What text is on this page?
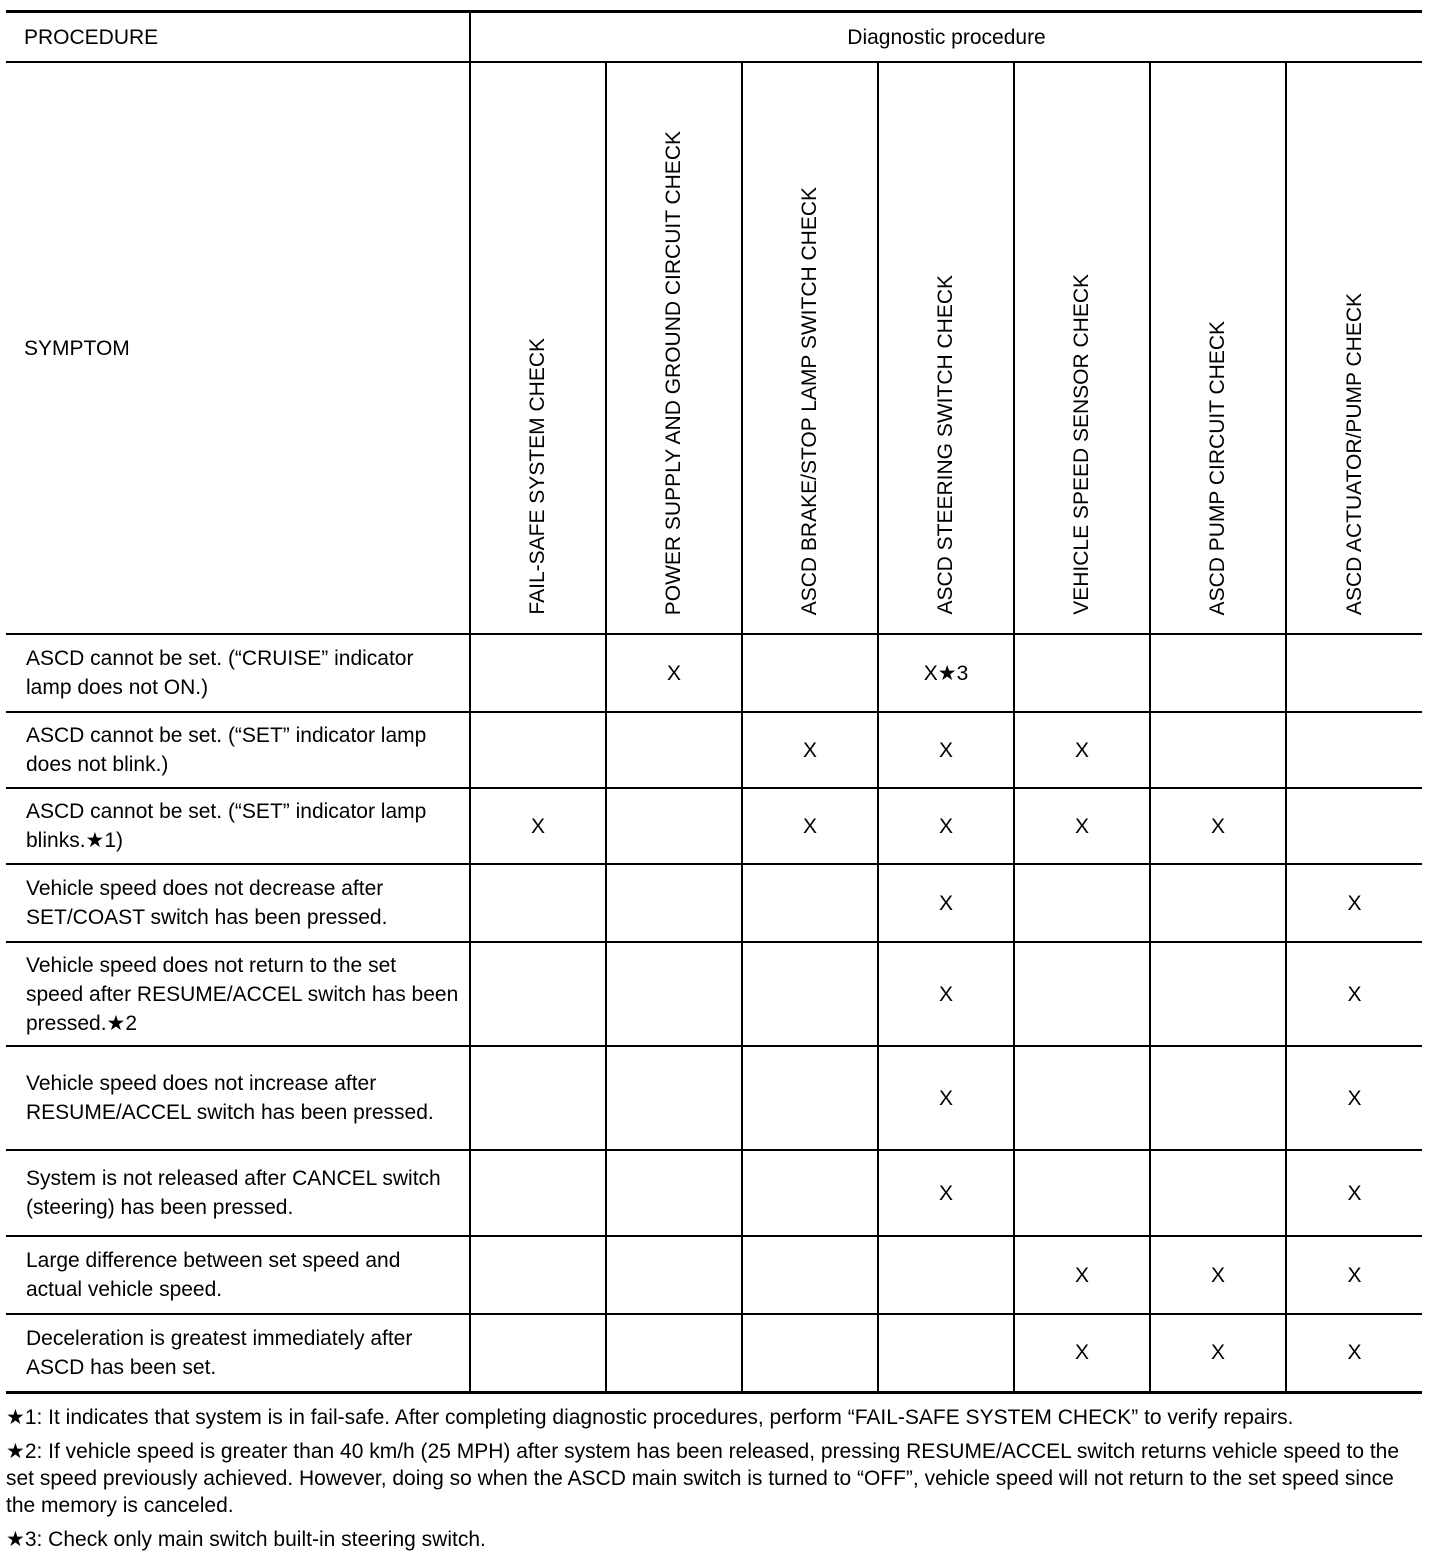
PROCEDURE	Diagnostic procedure						
SYMPTOM	FAIL-SAFE SYSTEM CHECK	POWER SUPPLY AND GROUND CIRCUIT CHECK	ASCD BRAKE/STOP LAMP SWITCH CHECK	ASCD STEERING SWITCH CHECK	VEHICLE SPEED SENSOR CHECK	ASCD PUMP CIRCUIT CHECK	ASCD ACTUATOR/PUMP CHECK

ASCD cannot be set. (“CRUISE” indicator lamp does not ON.)		X		X★3			
ASCD cannot be set. (“SET” indicator lamp does not blink.)			X	X	X		
ASCD cannot be set. (“SET” indicator lamp blinks.★1)	X		X	X	X	X	
Vehicle speed does not decrease after SET/COAST switch has been pressed.				X			X
Vehicle speed does not return to the set speed after RESUME/ACCEL switch has been pressed.★2				X			X
Vehicle speed does not increase after RESUME/ACCEL switch has been pressed.				X			X
System is not released after CANCEL switch (steering) has been pressed.				X			X
Large difference between set speed and actual vehicle speed.					X	X	X
Deceleration is greatest immediately after ASCD has been set.					X	X	X

★1: It indicates that system is in fail-safe. After completing diagnostic procedures, perform “FAIL-SAFE SYSTEM CHECK” to verify repairs.

★2: If vehicle speed is greater than 40 km/h (25 MPH) after system has been released, pressing RESUME/ACCEL switch returns vehicle speed to the set speed previously achieved. However, doing so when the ASCD main switch is turned to “OFF”, vehicle speed will not return to the set speed since the memory is canceled.

★3: Check only main switch built-in steering switch.
